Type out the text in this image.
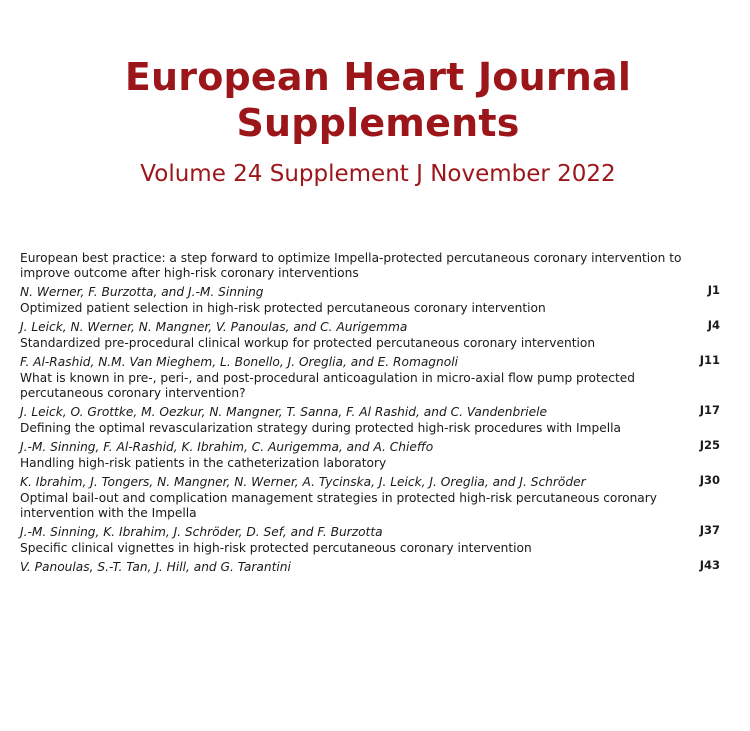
European Heart Journal
Supplements
Volume 24 Supplement J November 2022
European best practice: a step forward to optimize Impella-protected percutaneous coronary intervention to improve outcome after high-risk coronary interventions
N. Werner, F. Burzotta, and J.-M. Sinning	J1
Optimized patient selection in high-risk protected percutaneous coronary intervention
J. Leick, N. Werner, N. Mangner, V. Panoulas, and C. Aurigemma	J4
Standardized pre-procedural clinical workup for protected percutaneous coronary intervention
F. Al-Rashid, N.M. Van Mieghem, L. Bonello, J. Oreglia, and E. Romagnoli	J11
What is known in pre-, peri-, and post-procedural anticoagulation in micro-axial flow pump protected percutaneous coronary intervention?
J. Leick, O. Grottke, M. Oezkur, N. Mangner, T. Sanna, F. Al Rashid, and C. Vandenbriele	J17
Defining the optimal revascularization strategy during protected high-risk procedures with Impella
J.-M. Sinning, F. Al-Rashid, K. Ibrahim, C. Aurigemma, and A. Chieffo	J25
Handling high-risk patients in the catheterization laboratory
K. Ibrahim, J. Tongers, N. Mangner, N. Werner, A. Tycinska, J. Leick, J. Oreglia, and J. Schröder	J30
Optimal bail-out and complication management strategies in protected high-risk percutaneous coronary intervention with the Impella
J.-M. Sinning, K. Ibrahim, J. Schröder, D. Sef, and F. Burzotta	J37
Specific clinical vignettes in high-risk protected percutaneous coronary intervention
V. Panoulas, S.-T. Tan, J. Hill, and G. Tarantini	J43
